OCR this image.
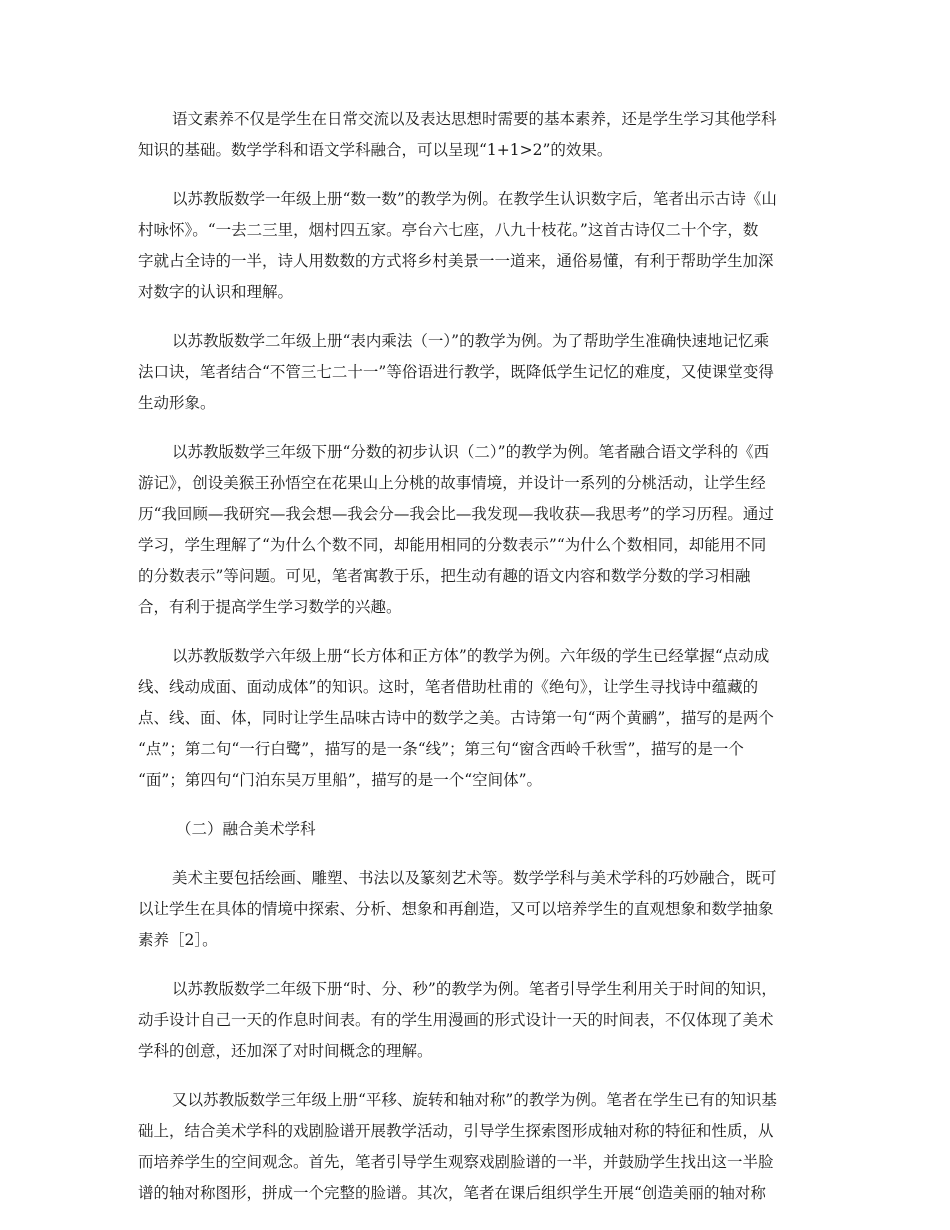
语文素养不仅是学生在日常交流以及表达思想时需要的基本素养，还是学生学习其他学科
知识的基础。数学学科和语文学科融合，可以呈现“1+1>2”的效果。

以苏教版数学一年级上册“数一数”的教学为例。在教学生认识数字后，笔者出示古诗《山
村咏怀》。“一去二三里，烟村四五家。亭台六七座，八九十枝花。”这首古诗仅二十个字，数
字就占全诗的一半，诗人用数数的方式将乡村美景一一道来，通俗易懂，有利于帮助学生加深
对数字的认识和理解。

以苏教版数学二年级上册“表内乘法（一）”的教学为例。为了帮助学生准确快速地记忆乘
法口诀，笔者结合“不管三七二十一”等俗语进行教学，既降低学生记忆的难度，又使课堂变得
生动形象。

以苏教版数学三年级下册“分数的初步认识（二）”的教学为例。笔者融合语文学科的《西
游记》，创设美猴王孙悟空在花果山上分桃的故事情境，并设计一系列的分桃活动，让学生经
历“我回顾—我研究—我会想—我会分—我会比—我发现—我收获—我思考”的学习历程。通过
学习，学生理解了“为什么个数不同，却能用相同的分数表示”“为什么个数相同，却能用不同
的分数表示”等问题。可见，笔者寓教于乐，把生动有趣的语文内容和数学分数的学习相融
合，有利于提高学生学习数学的兴趣。

以苏教版数学六年级上册“长方体和正方体”的教学为例。六年级的学生已经掌握“点动成
线、线动成面、面动成体”的知识。这时，笔者借助杜甫的《绝句》，让学生寻找诗中蕴藏的
点、线、面、体，同时让学生品味古诗中的数学之美。古诗第一句“两个黄鹂”，描写的是两个
“点”；第二句“一行白鹭”，描写的是一条“线”；第三句“窗含西岭千秋雪”，描写的是一个
“面”；第四句“门泊东吴万里船”，描写的是一个“空间体”。

（二）融合美术学科

美术主要包括绘画、雕塑、书法以及篆刻艺术等。数学学科与美术学科的巧妙融合，既可
以让学生在具体的情境中探索、分析、想象和再創造，又可以培养学生的直观想象和数学抽象
素养［2］。

以苏教版数学二年级下册“时、分、秒”的教学为例。笔者引导学生利用关于时间的知识，
动手设计自己一天的作息时间表。有的学生用漫画的形式设计一天的时间表，不仅体现了美术
学科的创意，还加深了对时间概念的理解。

又以苏教版数学三年级上册“平移、旋转和轴对称”的教学为例。笔者在学生已有的知识基
础上，结合美术学科的戏剧脸谱开展教学活动，引导学生探索图形成轴对称的特征和性质，从
而培养学生的空间观念。首先，笔者引导学生观察戏剧脸谱的一半，并鼓励学生找出这一半脸
谱的轴对称图形，拼成一个完整的脸谱。其次，笔者在课后组织学生开展“创造美丽的轴对称
